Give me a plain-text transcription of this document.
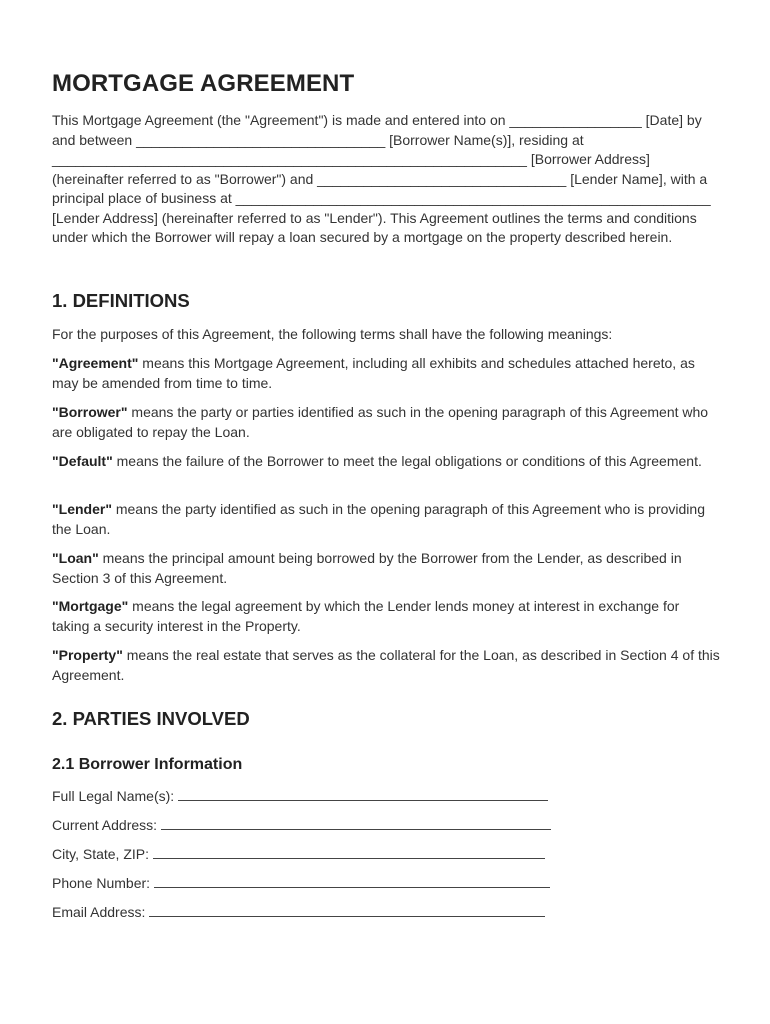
MORTGAGE AGREEMENT

This Mortgage Agreement (the "Agreement") is made and entered into on _________________ [Date] by and between ________________________________ [Borrower Name(s)], residing at _____________________________________________________________ [Borrower Address] (hereinafter referred to as "Borrower") and ________________________________ [Lender Name], with a principal place of business at _____________________________________________________________ [Lender Address] (hereinafter referred to as "Lender"). This Agreement outlines the terms and conditions under which the Borrower will repay a loan secured by a mortgage on the property described herein.

1. DEFINITIONS

For the purposes of this Agreement, the following terms shall have the following meanings:

"Agreement" means this Mortgage Agreement, including all exhibits and schedules attached hereto, as may be amended from time to time.

"Borrower" means the party or parties identified as such in the opening paragraph of this Agreement who are obligated to repay the Loan.

"Default" means the failure of the Borrower to meet the legal obligations or conditions of this Agreement.

"Lender" means the party identified as such in the opening paragraph of this Agreement who is providing the Loan.

"Loan" means the principal amount being borrowed by the Borrower from the Lender, as described in Section 3 of this Agreement.

"Mortgage" means the legal agreement by which the Lender lends money at interest in exchange for taking a security interest in the Property.

"Property" means the real estate that serves as the collateral for the Loan, as described in Section 4 of this Agreement.

2. PARTIES INVOLVED
2.1 Borrower Information

Full Legal Name(s):

Current Address:

City, State, ZIP:

Phone Number:

Email Address:
